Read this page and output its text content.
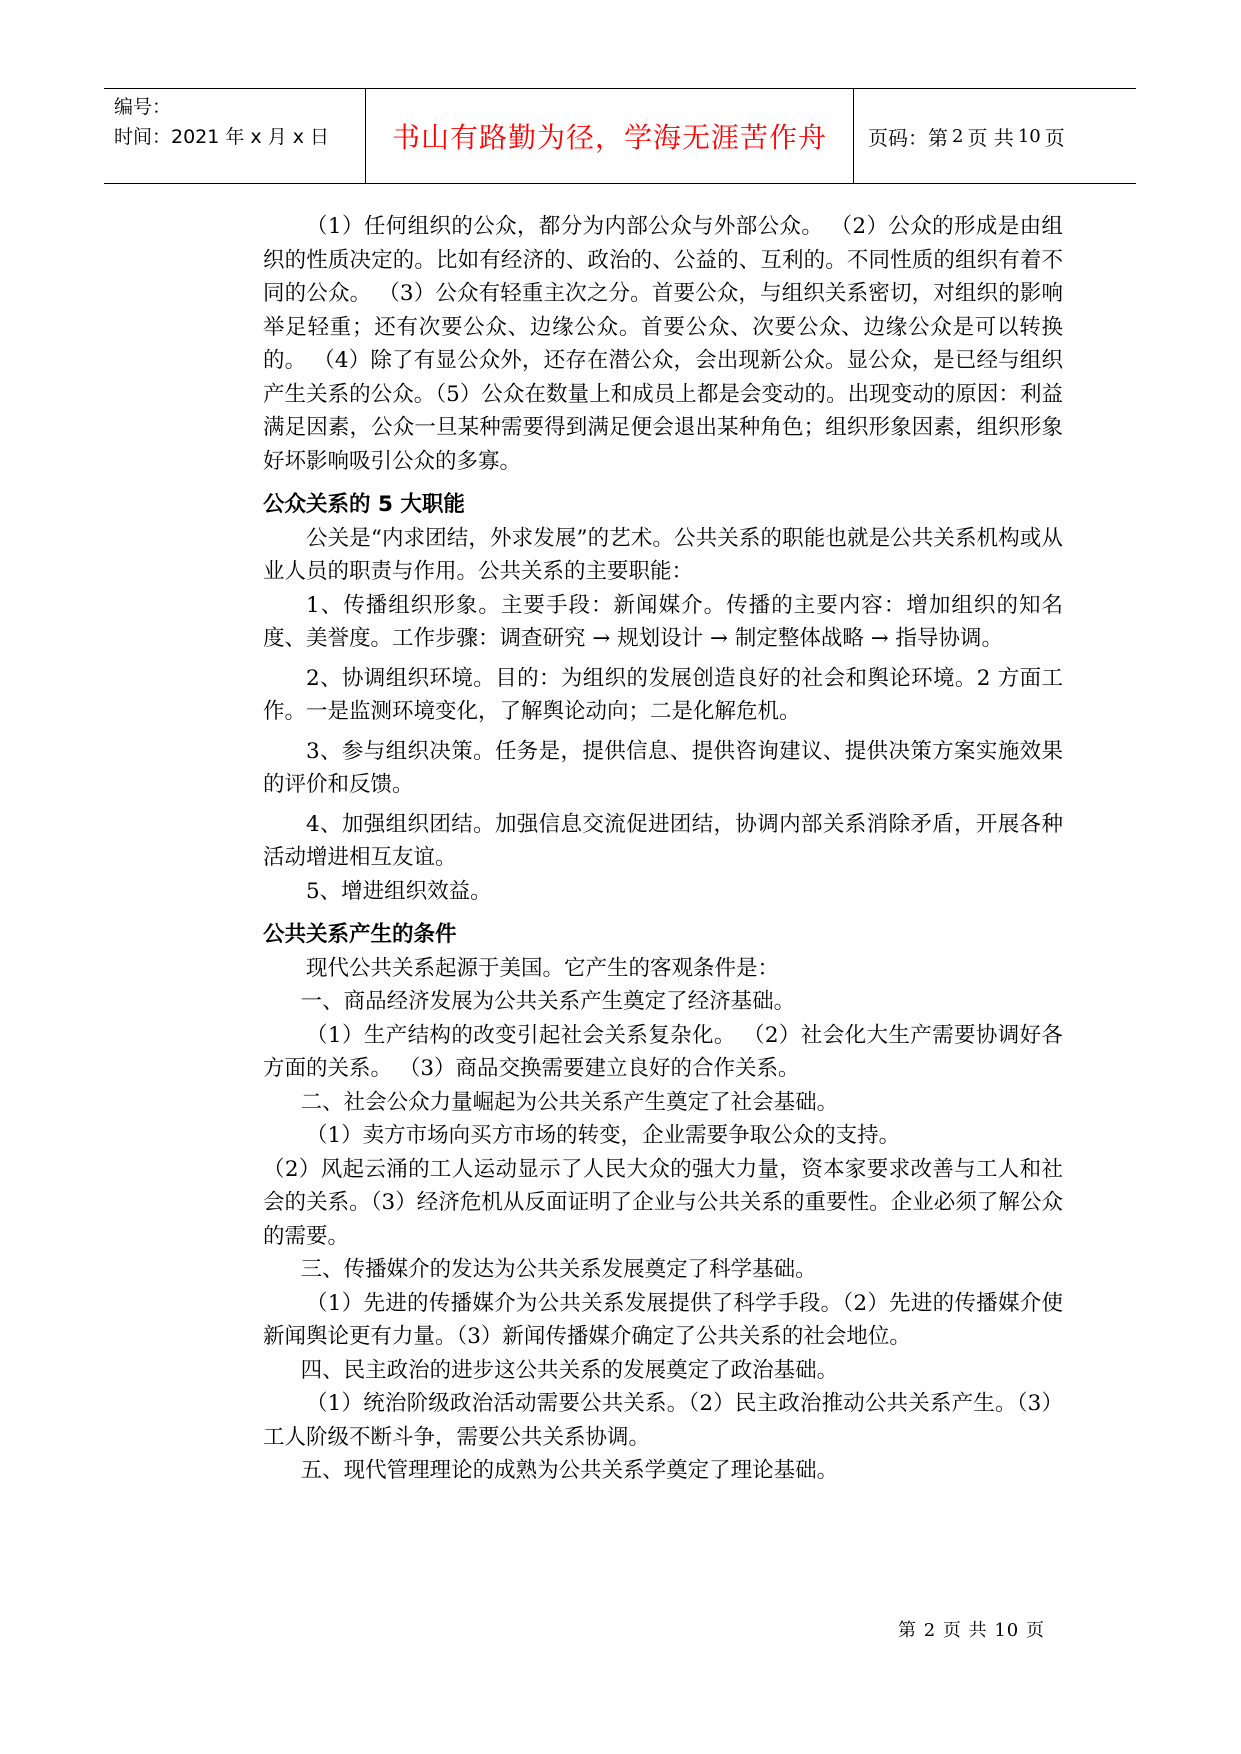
编号：
时间：2021 年 x 月 x 日	书山有路勤为径，学海无涯苦作舟	页码：第 2 页 共 10 页

（1）任何组织的公众，都分为内部公众与外部公众。 （2）公众的形成是由组织的性质决定的。比如有经济的、政治的、公益的、互利的。不同性质的组织有着不同的公众。 （3）公众有轻重主次之分。首要公众，与组织关系密切，对组织的影响举足轻重；还有次要公众、边缘公众。首要公众、次要公众、边缘公众是可以转换的。 （4）除了有显公众外，还存在潜公众，会出现新公众。显公众，是已经与组织产生关系的公众。（5）公众在数量上和成员上都是会变动的。出现变动的原因：利益满足因素，公众一旦某种需要得到满足便会退出某种角色；组织形象因素，组织形象好坏影响吸引公众的多寡。

公众关系的 5 大职能

公关是“内求团结，外求发展”的艺术。公共关系的职能也就是公共关系机构或从业人员的职责与作用。公共关系的主要职能：

1、传播组织形象。主要手段：新闻媒介。传播的主要内容：增加组织的知名度、美誉度。工作步骤：调查研究 → 规划设计 → 制定整体战略 → 指导协调。

2、协调组织环境。目的：为组织的发展创造良好的社会和舆论环境。2 方面工作。一是监测环境变化，了解舆论动向；二是化解危机。

3、参与组织决策。任务是，提供信息、提供咨询建议、提供决策方案实施效果的评价和反馈。

4、加强组织团结。加强信息交流促进团结，协调内部关系消除矛盾，开展各种活动增进相互友谊。

5、增进组织效益。

公共关系产生的条件

现代公共关系起源于美国。它产生的客观条件是：

一、商品经济发展为公共关系产生奠定了经济基础。

（1）生产结构的改变引起社会关系复杂化。 （2）社会化大生产需要协调好各方面的关系。 （3）商品交换需要建立良好的合作关系。

二、社会公众力量崛起为公共关系产生奠定了社会基础。

（1）卖方市场向买方市场的转变，企业需要争取公众的支持。

（2）风起云涌的工人运动显示了人民大众的强大力量，资本家要求改善与工人和社会的关系。（3）经济危机从反面证明了企业与公共关系的重要性。企业必须了解公众的需要。

三、传播媒介的发达为公共关系发展奠定了科学基础。

（1）先进的传播媒介为公共关系发展提供了科学手段。（2）先进的传播媒介使新闻舆论更有力量。（3）新闻传播媒介确定了公共关系的社会地位。

四、民主政治的进步这公共关系的发展奠定了政治基础。

（1）统治阶级政治活动需要公共关系。（2）民主政治推动公共关系产生。（3）工人阶级不断斗争，需要公共关系协调。

五、现代管理理论的成熟为公共关系学奠定了理论基础。

第 2 页 共 10 页
